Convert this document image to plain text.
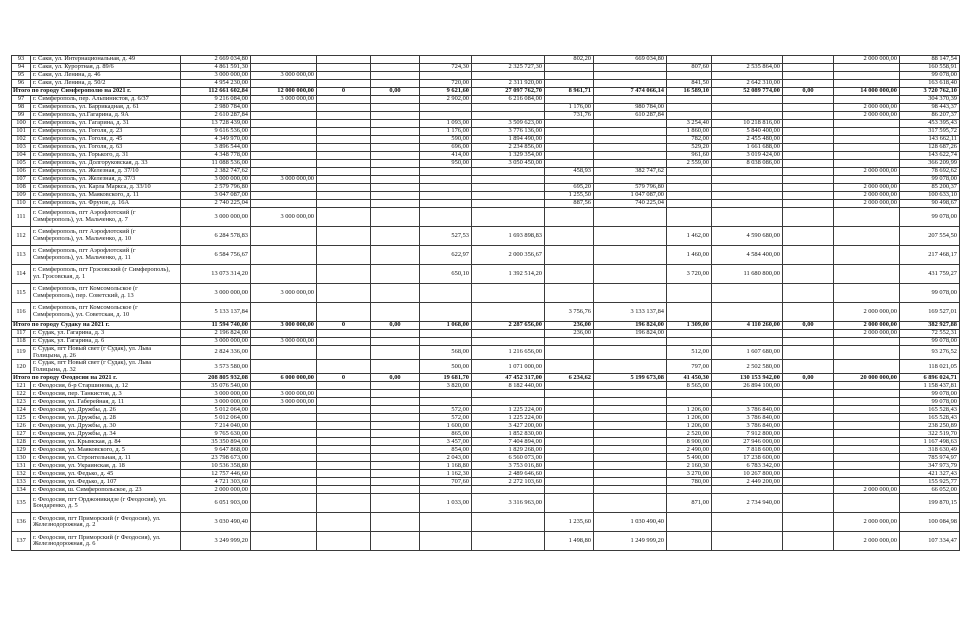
93	г. Саки, ул. Интернациональная, д. 49	2 669 034,80						802,20	669 034,80				2 000 000,00	88 147,54
94	г. Саки, ул. Курортная, д. 89/6	4 861 591,30				724,30	2 325 727,30			807,60	2 535 864,00			160 558,91
95	г. Саки, ул. Ленина, д. 46	3 000 000,00	3 000 000,00											99 078,00
96	г. Саки, ул. Ленина, д. 50/2	4 954 230,00				720,00	2 311 920,00			841,50	2 642 310,00			163 618,40
Итого по городу Симферополю на 2021 г.		112 661 602,84	12 000 000,00	0	0,00	9 621,60	27 097 762,70	8 961,71	7 474 066,14	16 589,10	52 089 774,00	0,00	14 000 000,00	3 720 762,10
97	г. Симферополь, пер. Альпинистов, д. 6/37	9 216 084,00	3 000 000,00			2 902,00	6 216 084,00							304 370,39
98	г. Симферополь, ул. Баррикадная, д. 61	2 980 784,00						1 176,00	980 784,00				2 000 000,00	98 443,37
99	г. Симферополь, ул.Гагарина, д. 9А	2 610 287,84						731,76	610 287,84				2 000 000,00	86 207,37
100	г. Симферополь, ул. Гагарина, д. 31	13 728 439,00				1 093,00	3 509 623,00			3 254,40	10 218 816,00			453 395,43
101	г. Симферополь, ул. Гоголя, д. 23	9 616 536,00				1 176,00	3 776 136,00			1 860,00	5 840 400,00			317 595,72
102	г. Симферополь, ул. Гоголя, д. 45	4 349 970,00				590,00	1 894 490,00			782,00	2 455 480,00			143 662,11
103	г. Симферополь, ул. Гоголя, д. 63	3 896 544,00				696,00	2 234 856,00			529,20	1 661 688,00			128 687,26
104	г. Симферополь, ул. Горького, д. 31	4 348 778,00				414,00	1 329 354,00			961,60	3 019 424,00			143 622,74
105	г. Симферополь, ул. Долгоруковская, д. 33	11 088 536,00				950,00	3 050 450,00			2 559,00	8 038 086,00			366 209,99
106	г. Симферополь, ул. Железная, д. 37/10	2 382 747,62						458,93	382 747,62				2 000 000,00	78 692,62
107	г. Симферополь, ул. Железная, д. 37/3	3 000 000,00	3 000 000,00											99 078,00
108	г. Симферополь, ул. Карла Маркса, д. 33/10	2 579 796,80						695,20	579 796,80				2 000 000,00	85 200,37
109	г. Симферополь, ул. Маяковского, д. 11	3 047 087,00						1 255,50	1 047 087,00				2 000 000,00	100 633,10
110	г. Симферополь, ул. Фрунзе, д. 16А	2 740 225,04						887,56	740 225,04				2 000 000,00	90 498,67
111	г. Симферополь, пгт Аэрофлотский (г Симферополь), ул. Мальченко, д. 7	3 000 000,00	3 000 000,00											99 078,00
112	г. Симферополь, пгт Аэрофлотский (г Симферополь), ул. Мальченко, д. 10	6 284 578,83				527,53	1 693 898,83			1 462,00	4 590 680,00			207 554,50
113	г. Симферополь, пгт Аэрофлотский (г Симферополь), ул. Мальченко, д. 11	6 584 756,67				622,97	2 000 356,67			1 460,00	4 584 400,00			217 468,17
114	г. Симферополь, пгт Грэсовский (г Симферополь), ул. Грэсовская, д. 1	13 073 314,20				650,10	1 392 514,20			3 720,00	11 680 800,00			431 759,27
115	г. Симферополь, пгт Комсомольское (г Симферополь), пер. Советский, д. 13	3 000 000,00	3 000 000,00											99 078,00
116	г. Симферополь, пгт Комсомольское (г Симферополь), ул. Советская, д. 10	5 133 137,84						3 756,76	3 133 137,84				2 000 000,00	169 527,01
Итого по городу Судаку на 2021 г.		11 594 740,00	3 000 000,00	0	0,00	1 068,00	2 287 656,00	236,00	196 824,00	1 309,00	4 110 260,00	0,00	2 000 000,00	382 927,88
117	г. Судак, ул. Гагарина, д. 3	2 196 824,00						236,00	196 824,00				2 000 000,00	72 552,31
118	г. Судак, ул. Гагарина, д. 6	3 000 000,00	3 000 000,00											99 078,00
119	г. Судак, пгт Новый свет (г Судак), ул. Льва Голицына, д. 26	2 824 336,00				568,00	1 216 656,00			512,00	1 607 680,00			93 276,52
120	г. Судак, пгт Новый свет (г Судак), ул. Льва Голицына, д. 32	3 573 580,00				500,00	1 071 000,00			797,00	2 502 580,00			118 021,05
Итого по городу Феодосии на 2021 г.		208 805 932,08	6 000 000,00	0	0,00	19 681,70	47 452 317,00	6 234,62	5 199 673,08	41 450,30	130 153 942,00	0,00	20 000 000,00	6 896 024,71
121	г. Феодосия, б-р Старшинова, д. 12	35 076 540,00				3 820,00	8 182 440,00			8 565,00	26 894 100,00			1 158 437,81
122	г. Феодосия, пер. Танкистов, д. 3	3 000 000,00	3 000 000,00											99 078,00
123	г. Феодосия, ул. Габерейная, д. 11	3 000 000,00	3 000 000,00											99 078,00
124	г. Феодосия, ул. Дружбы, д. 26	5 012 064,00				572,00	1 225 224,00			1 206,00	3 786 840,00			165 528,43
125	г. Феодосия, ул. Дружбы, д. 28	5 012 064,00				572,00	1 225 224,00			1 206,00	3 786 840,00			165 528,43
126	г. Феодосия, ул. Дружбы, д. 30	7 214 040,00				1 600,00	3 427 200,00			1 206,00	3 786 840,00			238 250,89
127	г. Феодосия, ул. Дружбы, д. 34	9 765 630,00				865,00	1 852 830,00			2 520,00	7 912 800,00			322 519,70
128	г. Феодосия, ул. Крымская, д. 84	35 350 894,00				3 457,00	7 404 894,00			8 900,00	27 946 000,00			1 167 498,63
129	г. Феодосия, ул. Маяковского, д. 5	9 647 868,00				854,00	1 829 268,00			2 490,00	7 818 600,00			318 630,49
130	г. Феодосия, ул. Строительная, д. 11	23 798 673,00				2 043,00	6 560 073,00			5 490,00	17 238 600,00			785 974,97
131	г. Феодосия, ул. Украинская, д. 18	10 536 358,80				1 168,80	3 753 016,80			2 160,30	6 783 342,00			347 973,79
132	г. Феодосия, ул. Федько, д. 45	12 757 446,60				1 162,30	2 489 646,60			3 270,00	10 267 800,00			421 327,43
133	г. Феодосия, ул. Федько, д. 107	4 721 303,60				707,60	2 272 103,60			780,00	2 449 200,00			155 925,77
134	г. Феодосия, ш. Симферопольское, д. 23	2 000 000,00											2 000 000,00	66 052,00
135	г. Феодосия, пгт Орджоникидзе (г Феодосия), ул. Бондаренко, д. 5	6 051 903,00				1 033,00	3 316 963,00			871,00	2 734 940,00			199 870,15
136	г. Феодосия, пгт Приморский (г Феодосия), ул. Железнодорожная, д. 2	3 030 490,40						1 235,60	1 030 490,40				2 000 000,00	100 084,98
137	г. Феодосия, пгт Приморский (г Феодосия), ул. Железнодорожная, д. 6	3 249 999,20						1 498,80	1 249 999,20				2 000 000,00	107 334,47
